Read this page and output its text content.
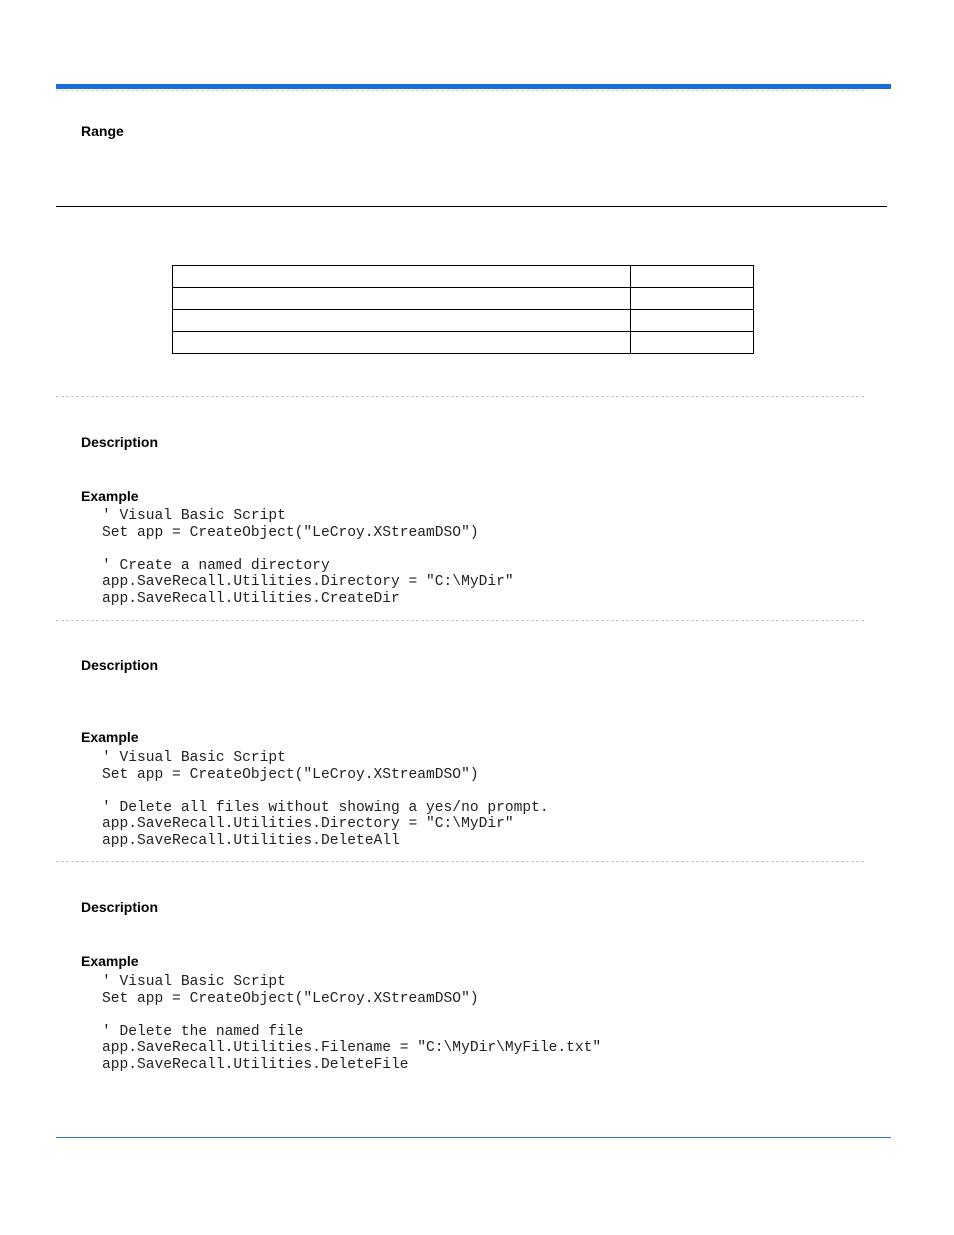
Range

Description
Example
' Visual Basic Script
Set app = CreateObject("LeCroy.XStreamDSO")

' Create a named directory
app.SaveRecall.Utilities.Directory = "C:\MyDir"
app.SaveRecall.Utilities.CreateDir
Description
Example
' Visual Basic Script
Set app = CreateObject("LeCroy.XStreamDSO")

' Delete all files without showing a yes/no prompt.
app.SaveRecall.Utilities.Directory = "C:\MyDir"
app.SaveRecall.Utilities.DeleteAll
Description
Example
' Visual Basic Script
Set app = CreateObject("LeCroy.XStreamDSO")

' Delete the named file
app.SaveRecall.Utilities.Filename = "C:\MyDir\MyFile.txt"
app.SaveRecall.Utilities.DeleteFile
